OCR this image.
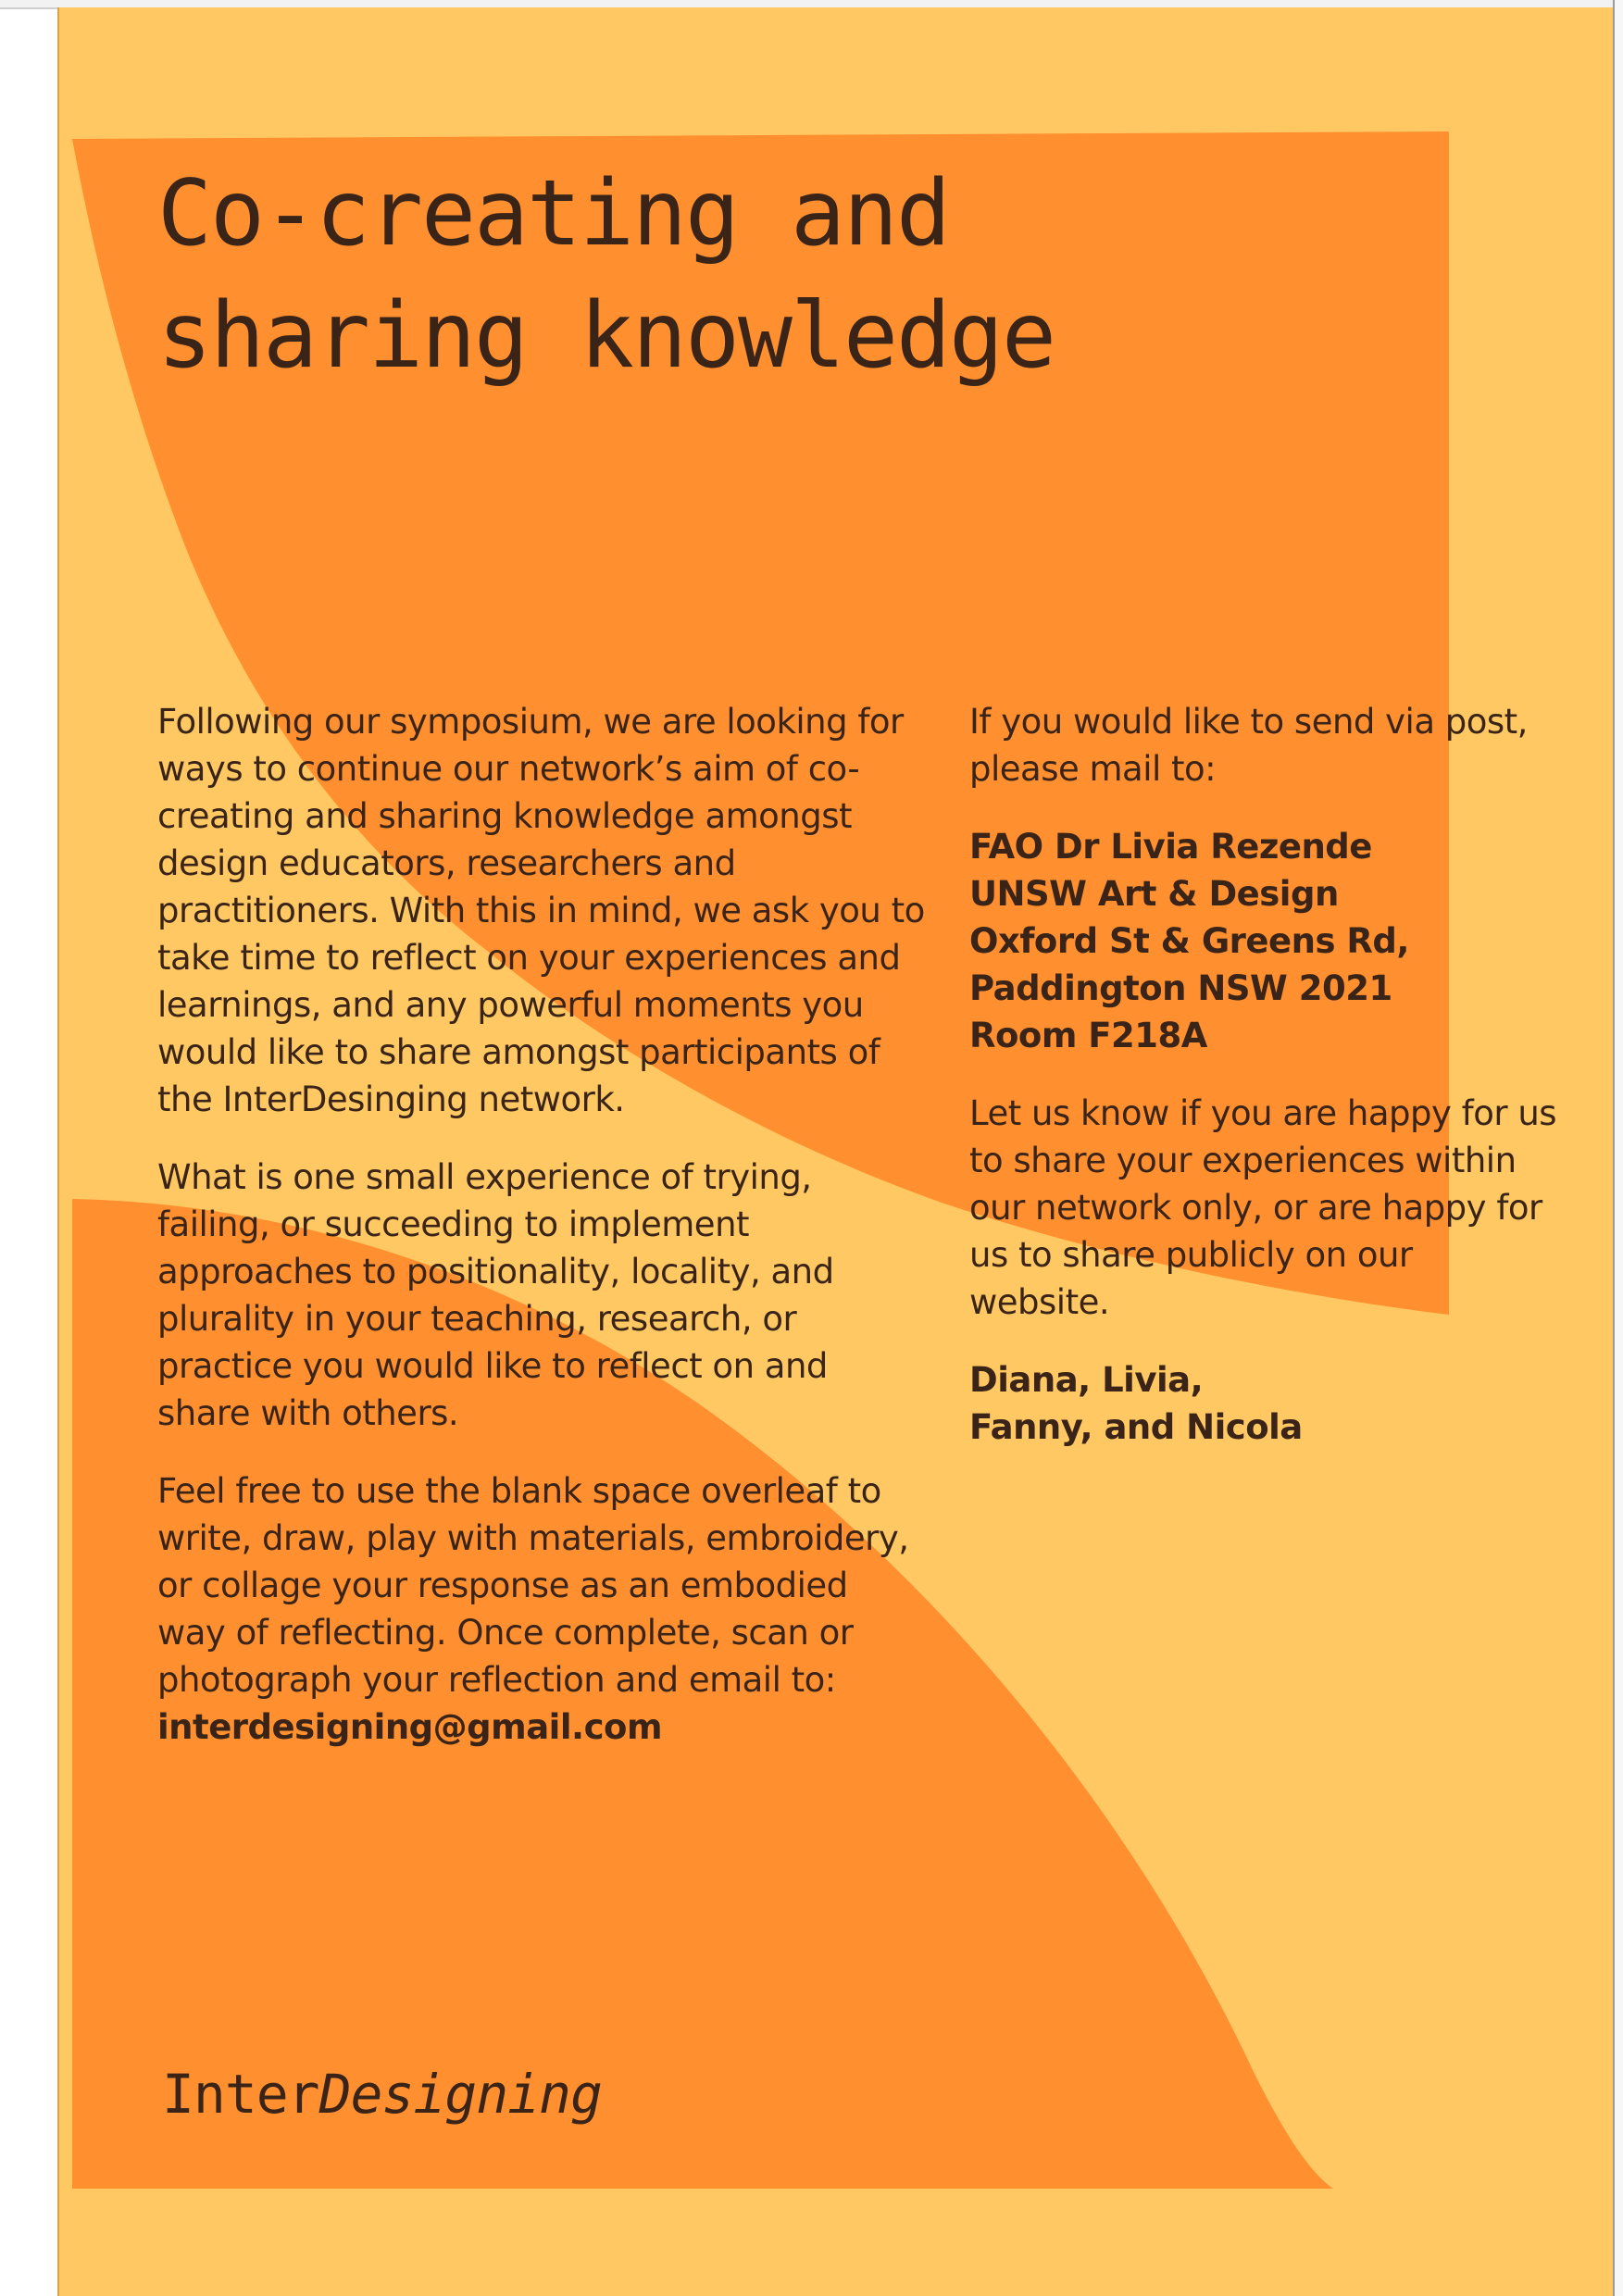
Co-creating and
sharing knowledge

Following our symposium, we are looking for ways to continue our network’s aim of co-creating and sharing knowledge amongst design educators, researchers and practitioners. With this in mind, we ask you to take time to reflect on your experiences and learnings, and any powerful moments you would like to share amongst participants of the InterDesinging network.

What is one small experience of trying, failing, or succeeding to implement approaches to positionality, locality, and plurality in your teaching, research, or practice you would like to reflect on and share with others.

Feel free to use the blank space overleaf to write, draw, play with materials, embroidery, or collage your response as an embodied way of reflecting. Once complete, scan or photograph your reflection and email to:
interdesigning@gmail.com

If you would like to send via post, please mail to:

FAO Dr Livia Rezende
UNSW Art & Design
Oxford St & Greens Rd,
Paddington NSW 2021
Room F218A

Let us know if you are happy for us to share your experiences within our network only, or are happy for us to share publicly on our website.

Diana, Livia,
Fanny, and Nicola

InterDesigning
